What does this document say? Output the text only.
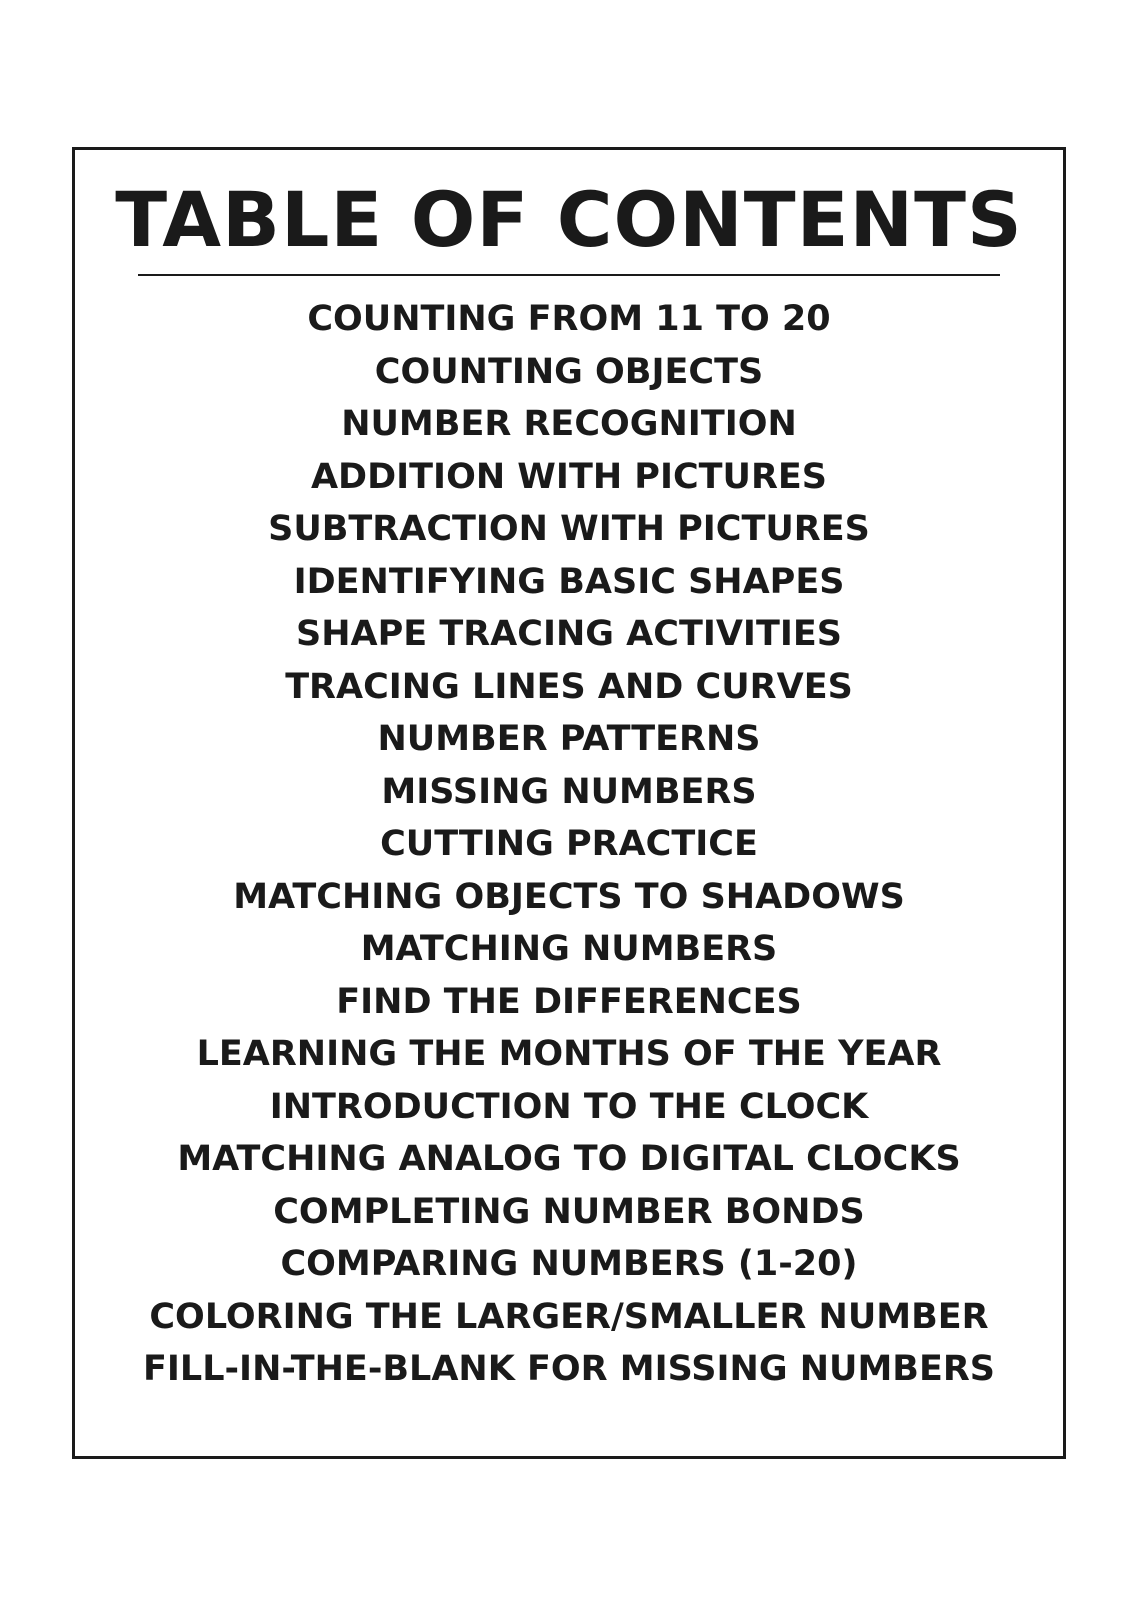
TABLE OF CONTENTS
COUNTING FROM 11 TO 20
COUNTING OBJECTS
NUMBER RECOGNITION
ADDITION WITH PICTURES
SUBTRACTION WITH PICTURES
IDENTIFYING BASIC SHAPES
SHAPE TRACING ACTIVITIES
TRACING LINES AND CURVES
NUMBER PATTERNS
MISSING NUMBERS
CUTTING PRACTICE
MATCHING OBJECTS TO SHADOWS
MATCHING NUMBERS
FIND THE DIFFERENCES
LEARNING THE MONTHS OF THE YEAR
INTRODUCTION TO THE CLOCK
MATCHING ANALOG TO DIGITAL CLOCKS
COMPLETING NUMBER BONDS
COMPARING NUMBERS (1-20)
COLORING THE LARGER/SMALLER NUMBER
FILL-IN-THE-BLANK FOR MISSING NUMBERS
